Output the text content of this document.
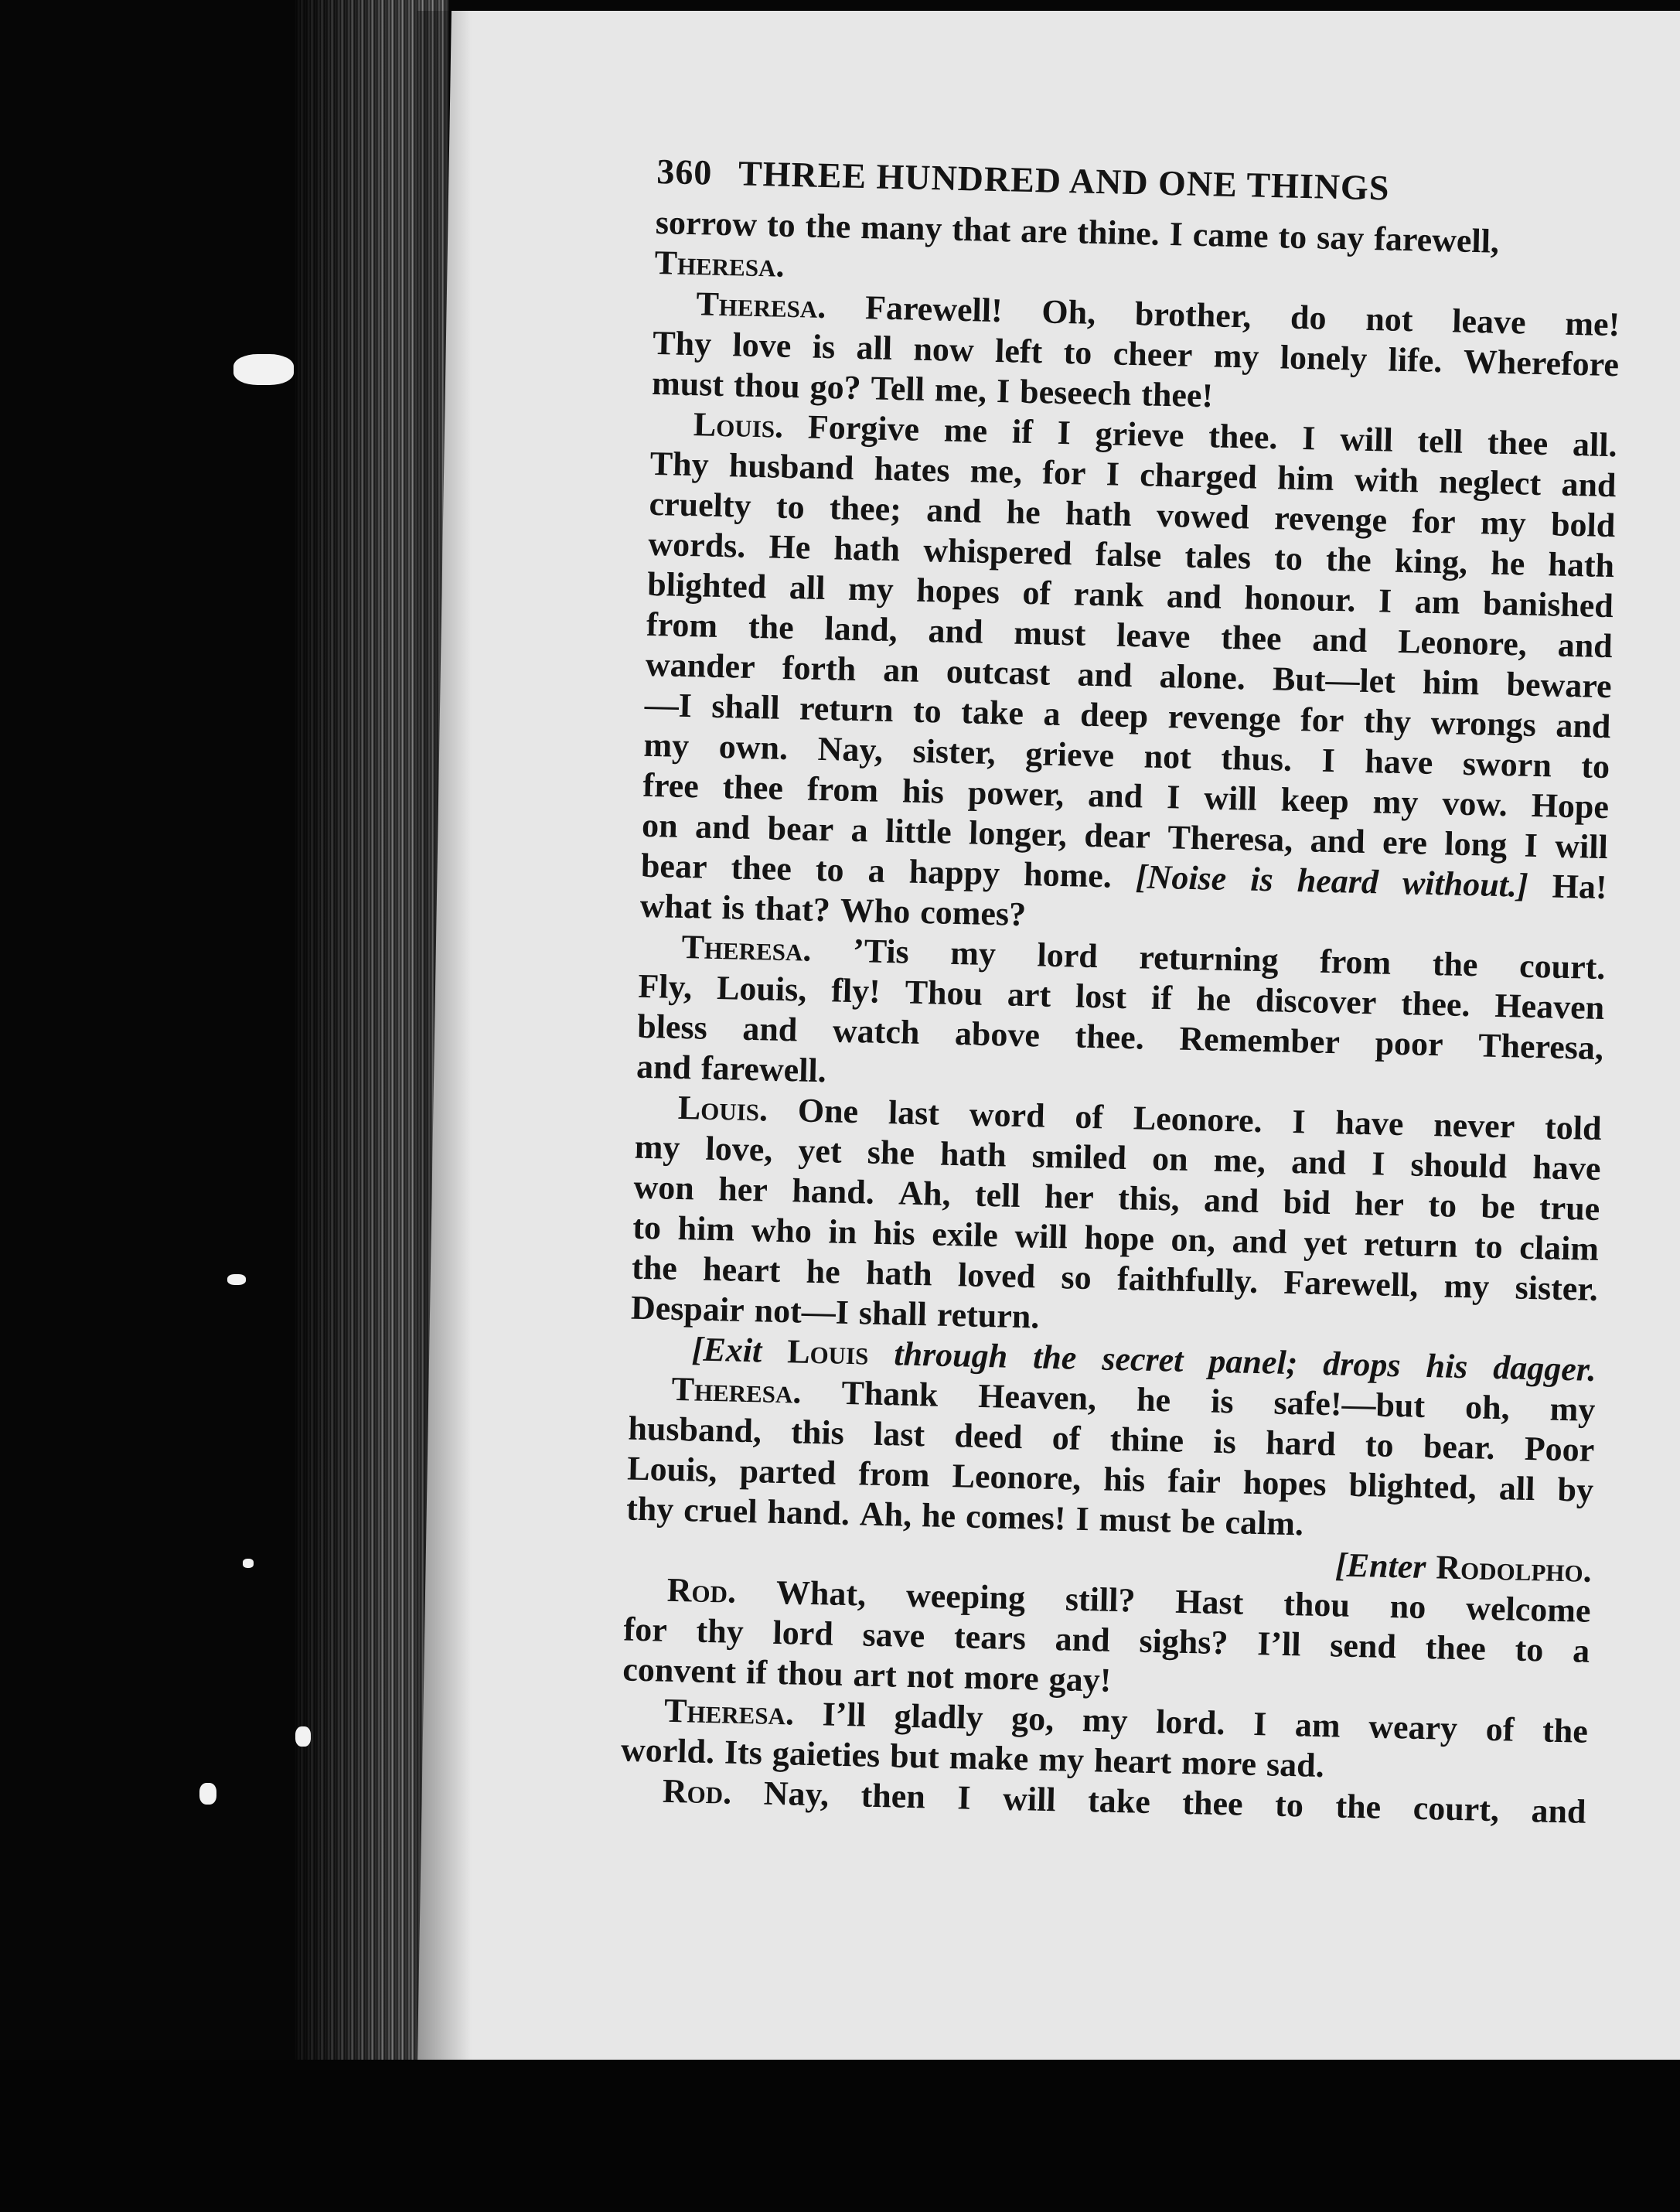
360 THREE HUNDRED AND ONE THINGS
sorrow to the many that are thine. I came to say farewell,
Theresa.
Theresa. Farewell! Oh, brother, do not leave me!
Thy love is all now left to cheer my lonely life. Wherefore
must thou go? Tell me, I beseech thee!
Louis. Forgive me if I grieve thee. I will tell thee all.
Thy husband hates me, for I charged him with neglect and
cruelty to thee; and he hath vowed revenge for my bold
words. He hath whispered false tales to the king, he hath
blighted all my hopes of rank and honour. I am banished
from the land, and must leave thee and Leonore, and
wander forth an outcast and alone. But—let him beware
—I shall return to take a deep revenge for thy wrongs and
my own. Nay, sister, grieve not thus. I have sworn to
free thee from his power, and I will keep my vow. Hope
on and bear a little longer, dear Theresa, and ere long I will
bear thee to a happy home. [Noise is heard without.] Ha!
what is that? Who comes?
Theresa. ’Tis my lord returning from the court.
Fly, Louis, fly! Thou art lost if he discover thee. Heaven
bless and watch above thee. Remember poor Theresa,
and farewell.
Louis. One last word of Leonore. I have never told
my love, yet she hath smiled on me, and I should have
won her hand. Ah, tell her this, and bid her to be true
to him who in his exile will hope on, and yet return to claim
the heart he hath loved so faithfully. Farewell, my sister.
Despair not—I shall return.
[Exit Louis through the secret panel; drops his dagger.
Theresa. Thank Heaven, he is safe!—but oh, my
husband, this last deed of thine is hard to bear. Poor
Louis, parted from Leonore, his fair hopes blighted, all by
thy cruel hand. Ah, he comes! I must be calm.
[Enter Rodolpho.
Rod. What, weeping still? Hast thou no welcome
for thy lord save tears and sighs? I’ll send thee to a
convent if thou art not more gay!
Theresa. I’ll gladly go, my lord. I am weary of the
world. Its gaieties but make my heart more sad.
Rod. Nay, then I will take thee to the court, and
